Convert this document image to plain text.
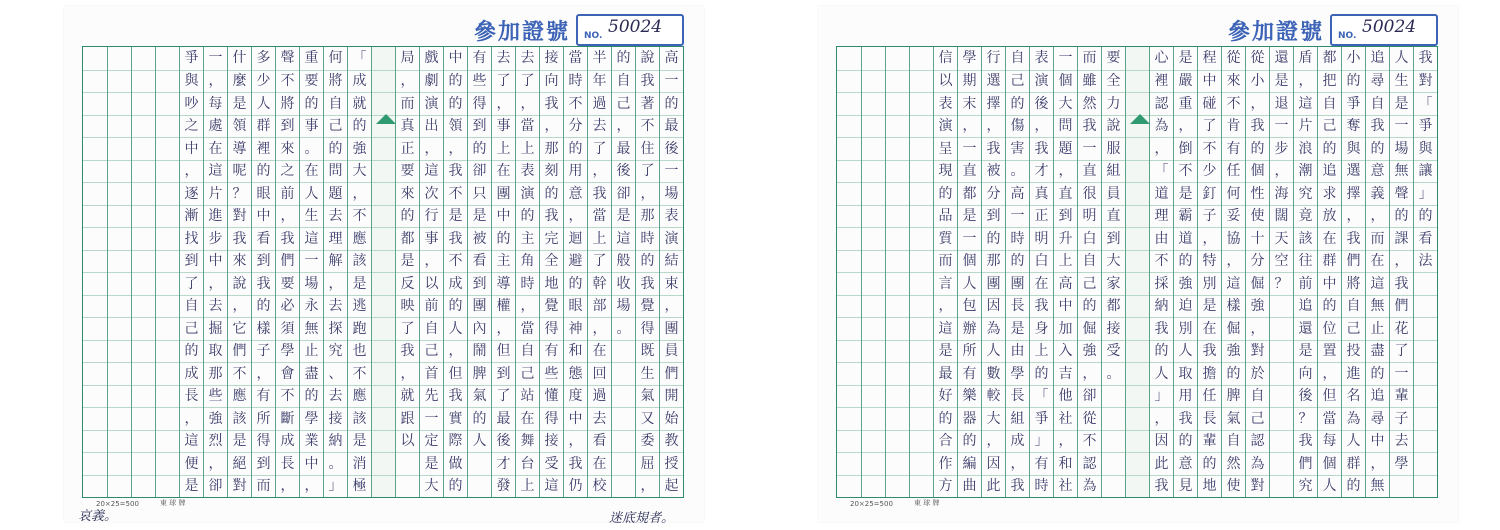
參加證號 NO. 50024
爭
與
吵
之
中
，
逐
漸
找
到
了
自
己
的
成
長
，
這
便
是
一
，
每
處
在
這
片
進
步
中
，
去
掘
取
那
些
強
烈
，
卻
什
麼
是
領
導
呢
？
對
我
來
說
，
它
們
不
應
該
是
絕
對
多
少
人
群
裡
的
眼
中
看
到
我
的
樣
子
，
有
所
得
到
而
聲
不
將
到
來
之
前
，
我
們
要
必
須
學
會
不
斷
成
長
，
重
要
的
事
。
在
人
生
這
一
場
永
無
止
盡
的
學
業
中
，
何
將
自
己
的
問
題
去
理
解
，
去
探
究
、
去
接
納
。
」
「
成
就
的
強
大
，
不
應
該
是
逃
跑
也
不
應
該
是
消
極
局
，
而
真
正
要
來
的
都
是
反
映
了
我
，
就
跟
以
戲
劇
演
出
，
這
次
行
事
，
以
前
自
己
首
先
一
定
是
大
中
的
的
領
，
我
不
是
我
不
成
的
人
，
但
我
實
際
做
的
有
些
得
到
的
卻
只
是
被
看
到
團
內
鬧
脾
氣
的
人
去
了
，
事
上
在
團
中
的
主
導
權
，
但
到
了
最
後
才
發
去
了
，
當
上
表
演
的
主
角
時
，
當
自
己
站
在
舞
台
上
接
向
我
，
那
刻
的
我
完
全
地
覺
得
有
些
懂
得
接
受
這
當
時
不
分
的
用
意
，
迴
避
的
眼
神
和
態
度
中
，
我
仍
半
年
過
去
了
，
我
當
上
了
幹
部
，
在
回
過
去
看
在
校
的
自
己
，
最
後
卻
是
這
般
收
場
。
說
我
著
不
住
了
，
那
時
的
我
覺
得
既
生
氣
又
委
屈
，
高
一
的
最
後
一
場
表
演
結
束
，
團
員
們
開
始
教
授
起
20×25=500	東 球 牌
哀義。	迷底規者。
參加證號 NO. 50024
信
以
表
演
呈
現
的
品
質
而
言
，
這
是
最
好
的
合
作
方
學
期
末
，
一
直
都
是
一
個
人
包
辦
所
有
樂
器
的
編
曲
行
選
擇
，
我
被
分
到
的
那
團
因
為
人
數
較
大
，
因
此
自
己
的
傷
害
。
高
一
時
的
團
長
是
由
學
長
組
成
，
我
表
演
後
，
我
才
真
正
明
白
在
我
身
上
的
「
爭
」
有
時
一
個
大
問
題
，
直
到
升
上
高
中
加
入
吉
他
社
，
和
社
而
雖
然
我
一
直
很
明
白
自
己
的
倔
強
，
卻
從
不
認
為
要
全
力
說
服
組
員
直
到
大
家
都
接
受
。
心
裡
認
為
，
「
道
理
由
不
採
納
我
的
人
」
，
因
此
我
是
嚴
重
，
倒
不
是
霸
道
的
強
迫
別
人
取
用
我
的
意
見
程
中
碰
了
不
少
釘
子
，
特
別
是
在
我
擔
任
長
輩
的
地
從
來
不
肯
有
任
何
妥
協
，
這
樣
倔
強
的
脾
氣
自
然
使
從
小
，
我
的
個
性
使
十
分
倔
強
，
對
於
自
己
認
為
對
還
是
退
一
步
，
海
闊
天
空
？
盾
，
這
片
浪
潮
究
竟
該
往
前
追
還
是
向
後
？
我
們
究
都
把
自
己
的
追
求
放
在
群
中
的
位
置
，
但
當
每
個
人
小
的
爭
奪
與
選
擇
，
我
們
將
自
己
投
進
名
為
人
群
的
追
尋
自
我
的
意
義
，
而
在
這
無
止
盡
的
追
尋
中
，
無
人
生
是
一
場
無
聲
的
課
，
我
們
花
了
一
輩
子
去
學
我
對
「
爭
與
讓
」
的
看
法
20×25=500	東 球 牌
